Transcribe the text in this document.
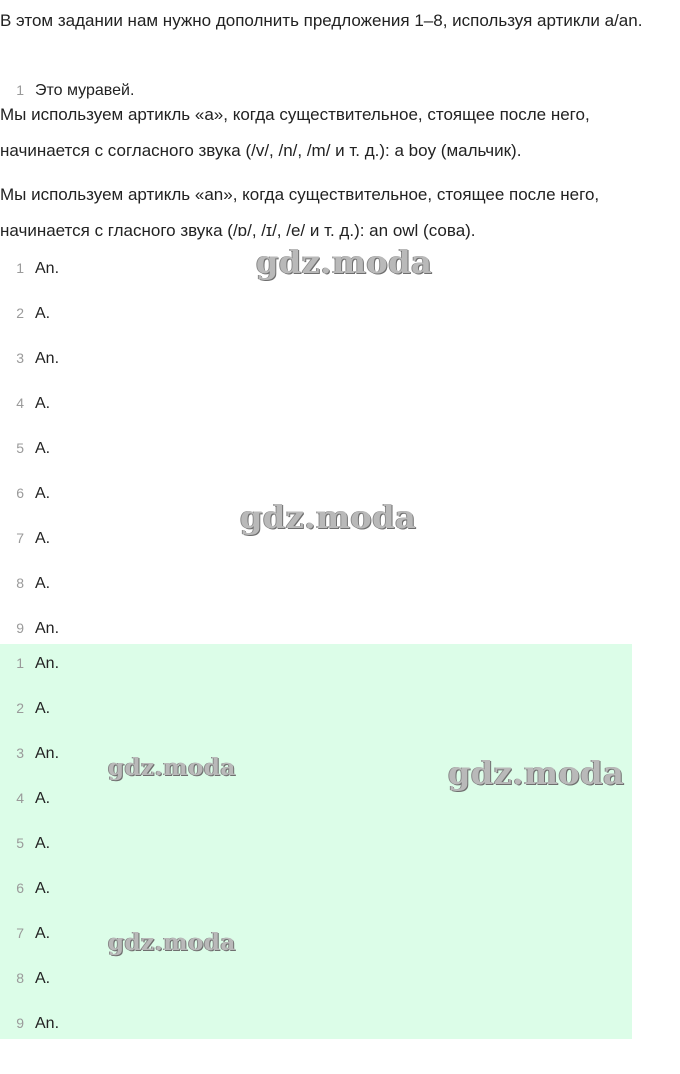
В этом задании нам нужно дополнить предложения 1–8, используя артикли a/an.

1 Это муравей.

Мы используем артикль «a», когда существительное, стоящее после него, начинается с согласного звука (/v/, /n/, /m/ и т. д.): a boy (мальчик).

Мы используем артикль «an», когда существительное, стоящее после него, начинается с гласного звука (/ɒ/, /ɪ/, /e/ и т. д.): an owl (сова).

1 An.
2 A.
3 An.
4 A.
5 A.
6 A.
7 A.
8 A.
9 An.
1 An.
2 A.
3 An.
4 A.
5 A.
6 A.
7 A.
8 A.
9 An.
gdz.moda
gdz.moda
gdz.moda	gdz.moda
gdz.moda
